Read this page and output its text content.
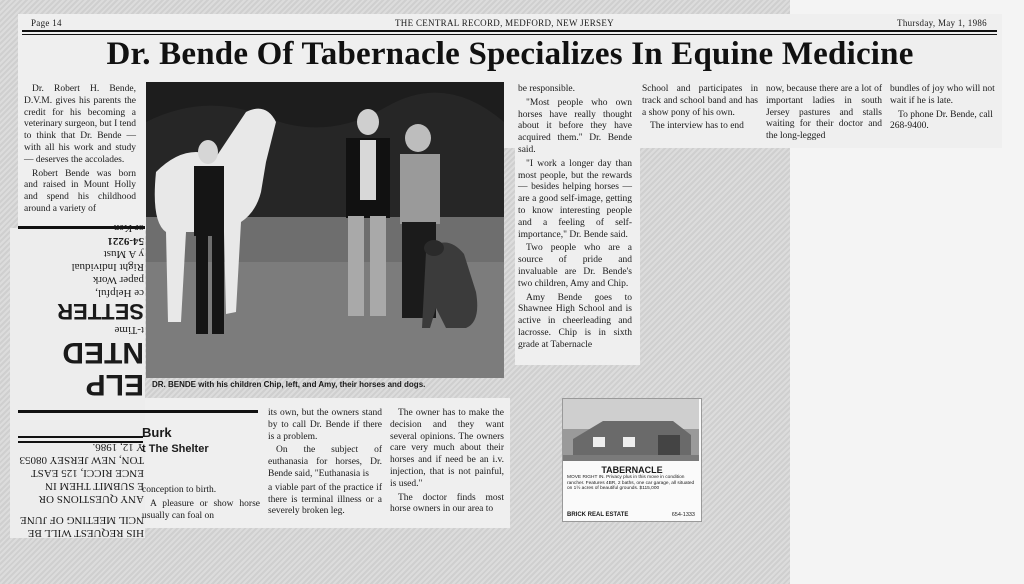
Page 14	THE CENTRAL RECORD, MEDFORD, NEW JERSEY	Thursday, May 1, 1986
Dr. Bende Of Tabernacle Specializes In Equine Medicine

Dr. Robert H. Bende, D.V.M. gives his parents the credit for his becoming a veterinary surgeon, but I tend to think that Dr. Bende — with all his work and study — deserves the accolades.

Robert Bende was born and raised in Mount Holly and spend his childhood around a variety of

DR. BENDE with his children Chip, left, and Amy, their horses and dogs.

be responsible.

"Most people who own horses have really thought about it before they have acquired them." Dr. Bende said.

"I work a longer day than most people, but the rewards — besides helping horses — are a good self-image, getting to know interesting people and a feeling of self-importance," Dr. Bende said.

Two people who are a source of pride and invaluable are Dr. Bende's two children, Amy and Chip.

Amy Bende goes to Shawnee High School and is active in cheerleading and lacrosse. Chip is in sixth grade at Tabernacle

School and participates in track and school band and has a show pony of his own.

The interview has to end

now, because there are a lot of important ladies in south Jersey pastures and stalls waiting for their doctor and the long-legged

bundles of joy who will not wait if he is late.

To phone Dr. Bende, call 268-9400.

Burk
t The Shelter

conception to birth.

A pleasure or show horse usually can foal on

its own, but the owners stand by to call Dr. Bende if there is a problem.

On the subject of euthanasia for horses, Dr. Bende said, "Euthanasia is

a viable part of the practice if there is terminal illness or a severely broken leg.

The owner has to make the decision and they want several opinions. The owners care very much about their horses and if need be an i.v. injection, that is not painful, is used."

The doctor finds most horse owners in our area to

HIS REQUEST WILL BE
NCIL MEETING OF JUNE
ANY QUESTIONS OR
E SUBMIT THEM IN
ENCE RICCI, 125 EAST
TON, NEW JERSEY 08053
Y 12, 1986.
ELP
NTED
t-Time
SETTER
ce Helpful,
paper Work
Right Individual
y A Must
54-9221
or Ken
TABERNACLE
MOVE RIGHT IN. Privacy plus in this move in condition rancher. Features 4BR, 2 baths, one car garage, all situated on 1½ acres of beautiful grounds. $115,000
BRICK REAL ESTATE	654-1333
